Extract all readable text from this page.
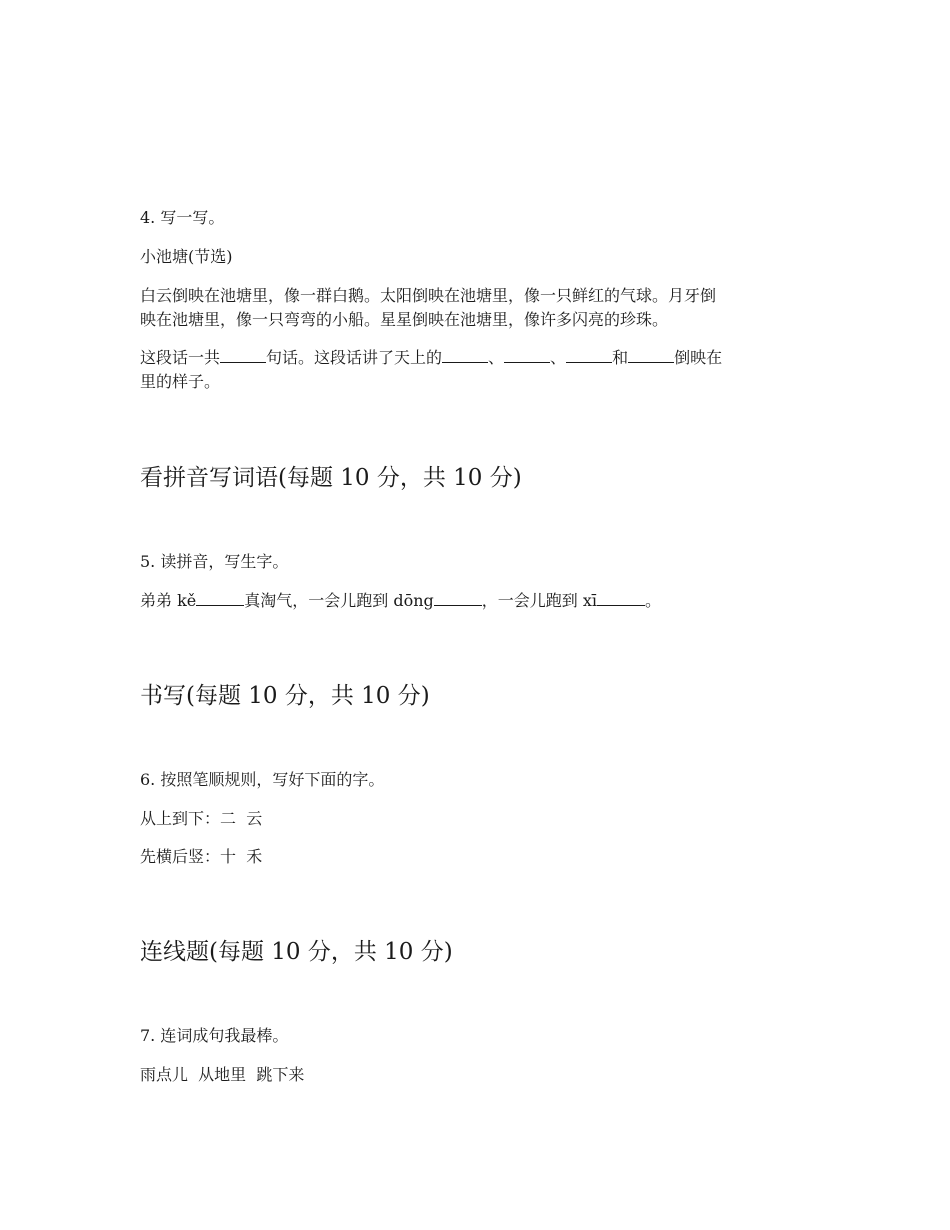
4. 写一写。
小池塘(节选)
白云倒映在池塘里，像一群白鹅。太阳倒映在池塘里，像一只鲜红的气球。月牙倒
映在池塘里，像一只弯弯的小船。星星倒映在池塘里，像许多闪亮的珍珠。
这段话一共	句话。这段话讲了天上的	、	、	和	倒映在
里的样子。
看拼音写词语(每题 10 分，共 10 分)
5. 读拼音，写生字。
弟弟 kě	真淘气，一会儿跑到 dōng	，一会儿跑到 xī	。
书写(每题 10 分，共 10 分)
6. 按照笔顺规则，写好下面的字。
从上到下：二  云
先横后竖：十  禾
连线题(每题 10 分，共 10 分)
7. 连词成句我最棒。
雨点儿  从地里  跳下来
